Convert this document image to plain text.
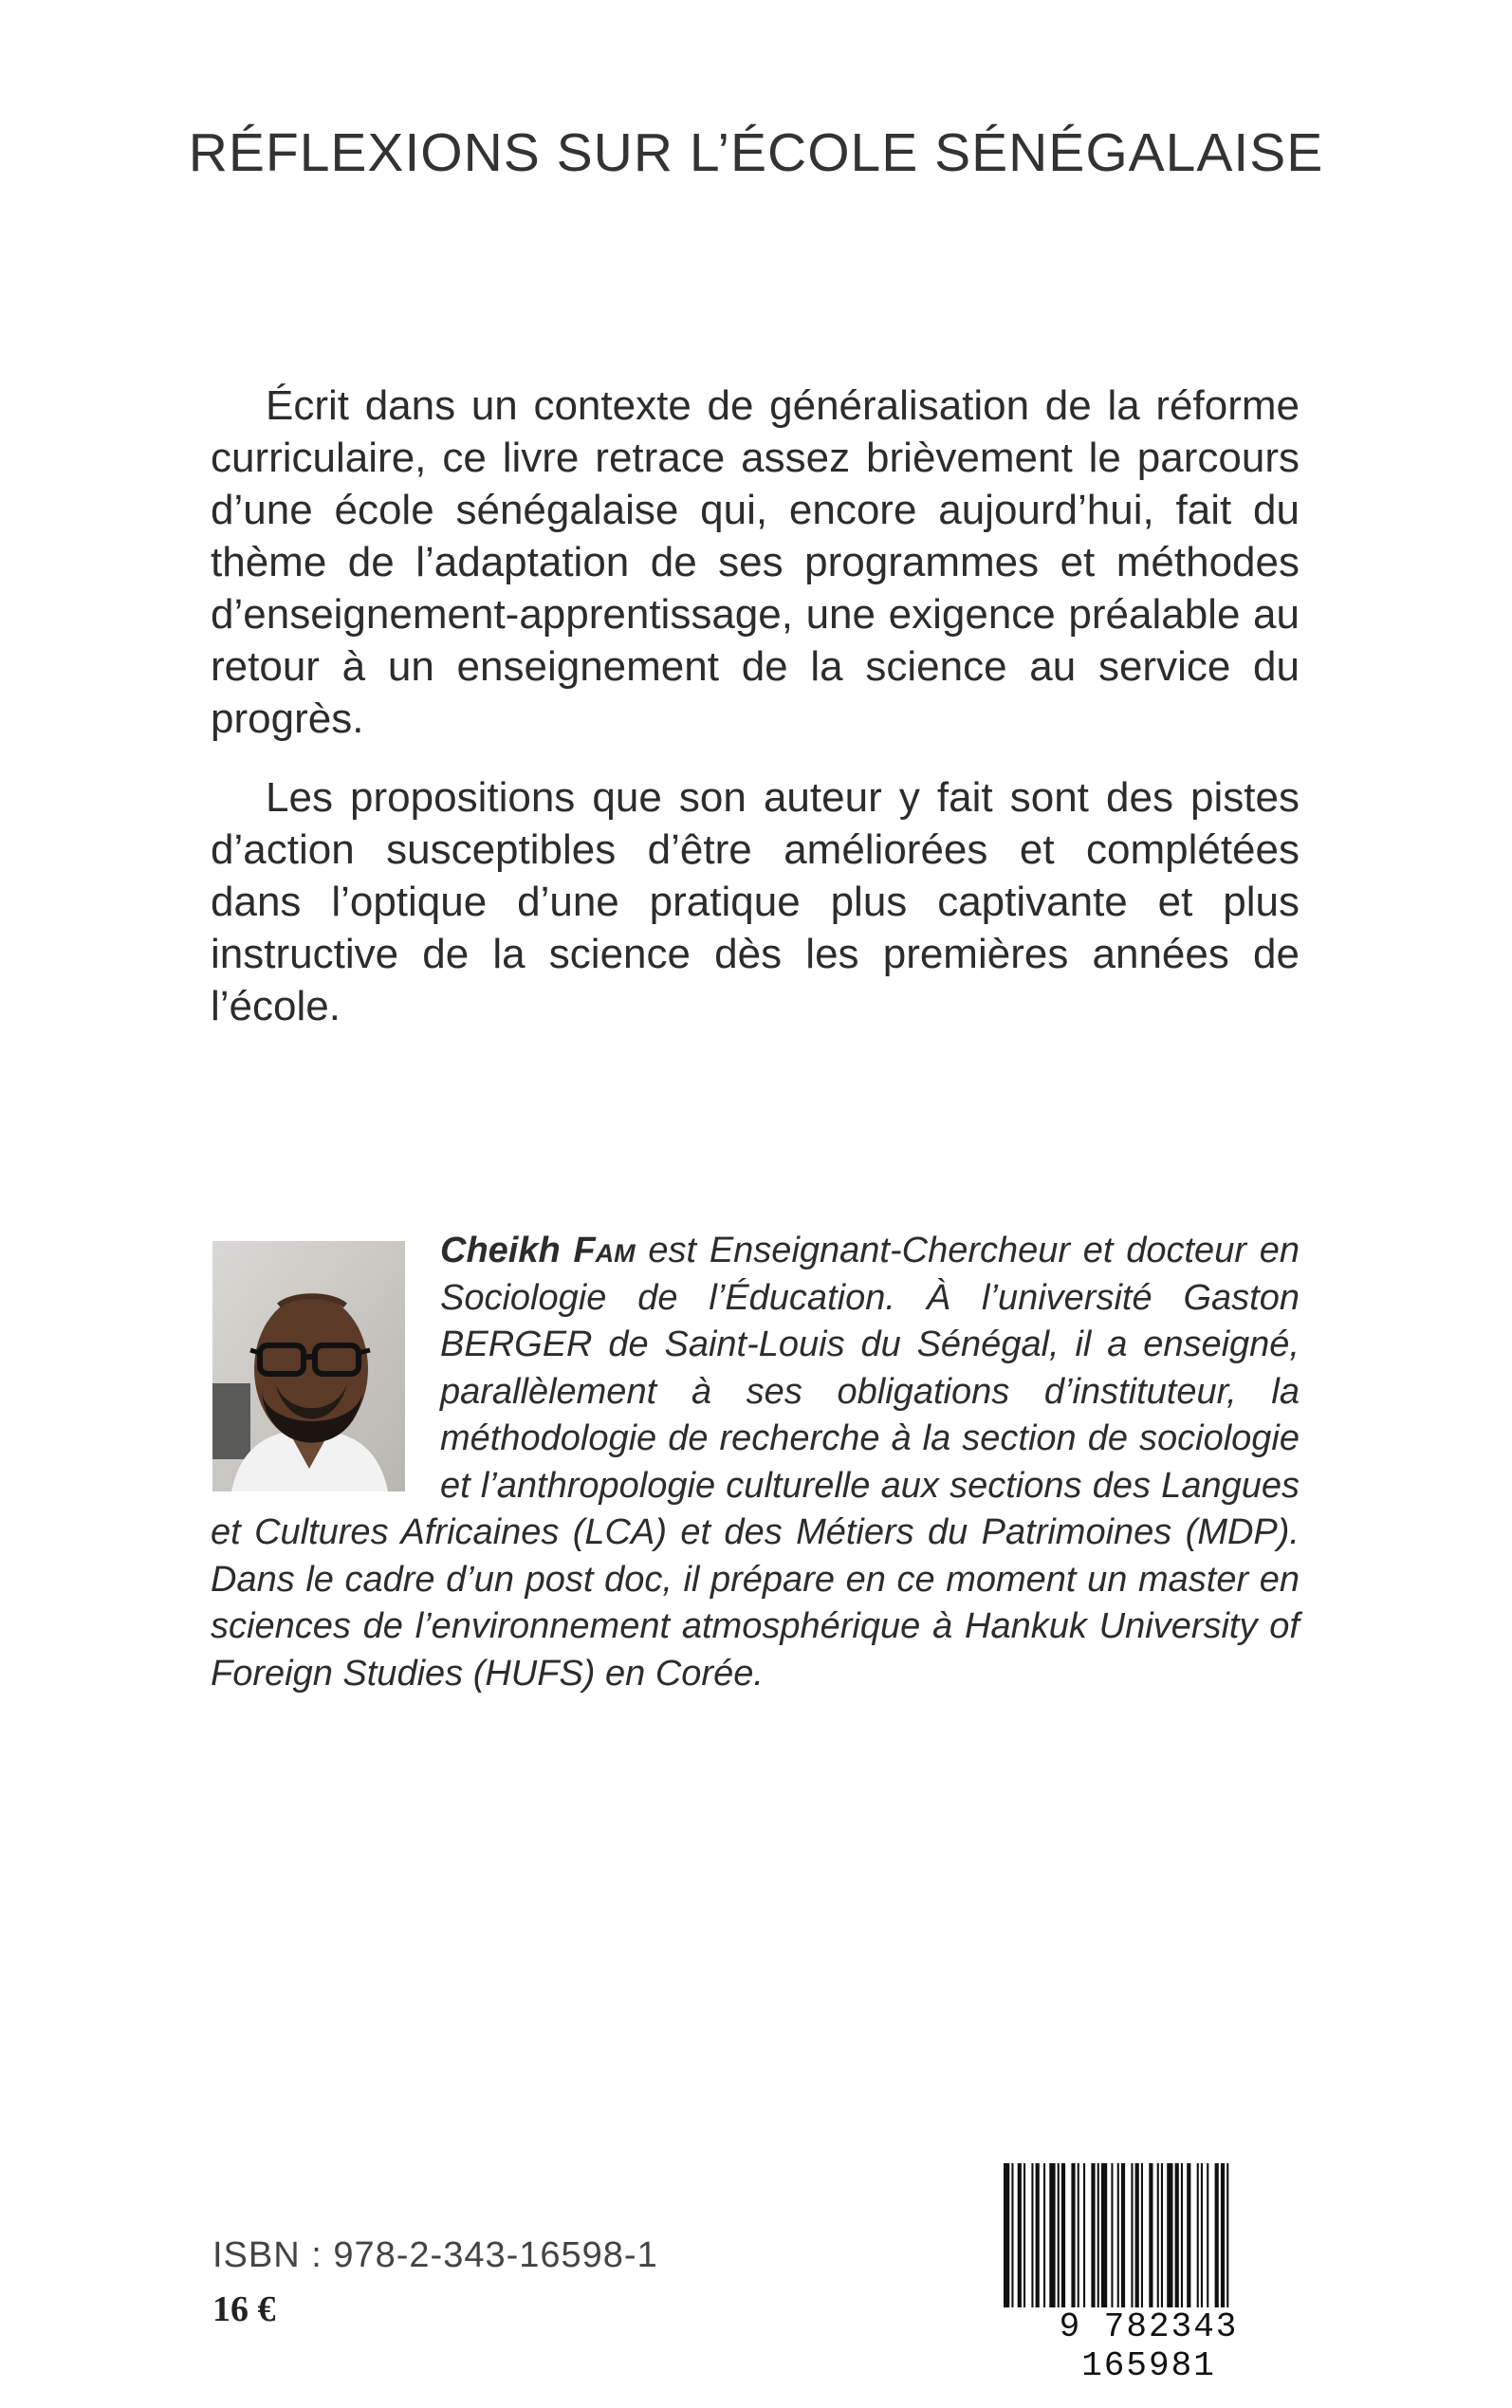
RÉFLEXIONS SUR L’ÉCOLE SÉNÉGALAISE

Écrit dans un contexte de généralisation de la réforme curriculaire, ce livre retrace assez brièvement le parcours d’une école sénégalaise qui, encore aujourd’hui, fait du thème de l’adaptation de ses programmes et méthodes d’enseignement-apprentissage, une exigence préalable au retour à un enseignement de la science au service du progrès.

Les propositions que son auteur y fait sont des pistes d’action susceptibles d’être améliorées et complétées dans l’optique d’une pratique plus captivante et plus instructive de la science dès les premières années de l’école.

Cheikh Fam est Enseignant-Chercheur et docteur en Sociologie de l’Éducation. À l’université Gaston BERGER de Saint-Louis du Sénégal, il a enseigné, parallèlement à ses obligations d’instituteur, la méthodologie de recherche à la section de sociologie et l’anthropologie culturelle aux sections des Langues et Cultures Africaines (LCA) et des Métiers du Patrimoines (MDP). Dans le cadre d’un post doc, il prépare en ce moment un master en sciences de l’environnement atmosphérique à Hankuk University of Foreign Studies (HUFS) en Corée.
ISBN : 978-2-343-16598-1
16 €	9 782343 165981
